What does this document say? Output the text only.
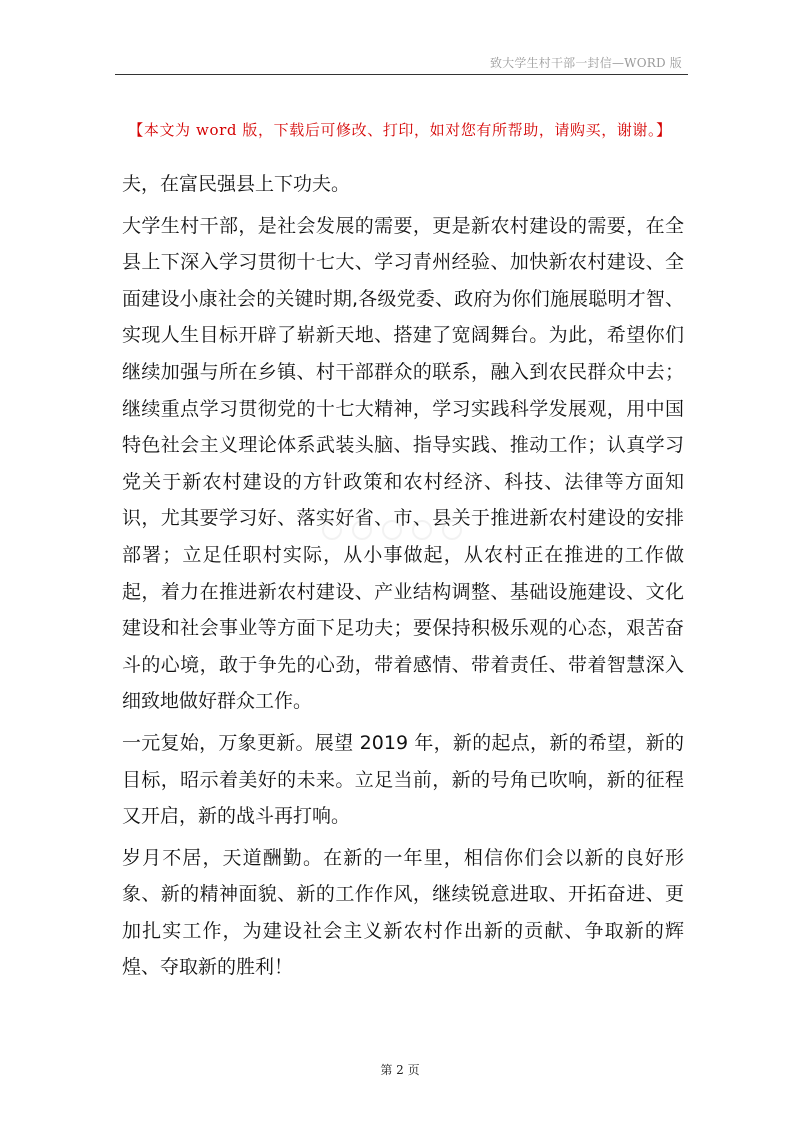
致大学生村干部一封信—WORD 版
【本文为 word 版，下载后可修改、打印，如对您有所帮助，请购买，谢谢。】

夫，在富民强县上下功夫。

大学生村干部，是社会发展的需要，更是新农村建设的需要，在全县上下深入学习贯彻十七大、学习青州经验、加快新农村建设、全面建设小康社会的关键时期,各级党委、政府为你们施展聪明才智、实现人生目标开辟了崭新天地、搭建了宽阔舞台。为此，希望你们继续加强与所在乡镇、村干部群众的联系，融入到农民群众中去；继续重点学习贯彻党的十七大精神，学习实践科学发展观，用中国特色社会主义理论体系武装头脑、指导实践、推动工作；认真学习党关于新农村建设的方针政策和农村经济、科技、法律等方面知识，尤其要学习好、落实好省、市、县关于推进新农村建设的安排部署；立足任职村实际，从小事做起，从农村正在推进的工作做起，着力在推进新农村建设、产业结构调整、基础设施建设、文化建设和社会事业等方面下足功夫；要保持积极乐观的心态，艰苦奋斗的心境，敢于争先的心劲，带着感情、带着责任、带着智慧深入细致地做好群众工作。

一元复始，万象更新。展望 2019 年，新的起点，新的希望，新的目标，昭示着美好的未来。立足当前，新的号角已吹响，新的征程又开启，新的战斗再打响。

岁月不居，天道酬勤。在新的一年里，相信你们会以新的良好形象、新的精神面貌、新的工作作风，继续锐意进取、开拓奋进、更加扎实工作，为建设社会主义新农村作出新的贡献、争取新的辉煌、夺取新的胜利！

第 2 页
